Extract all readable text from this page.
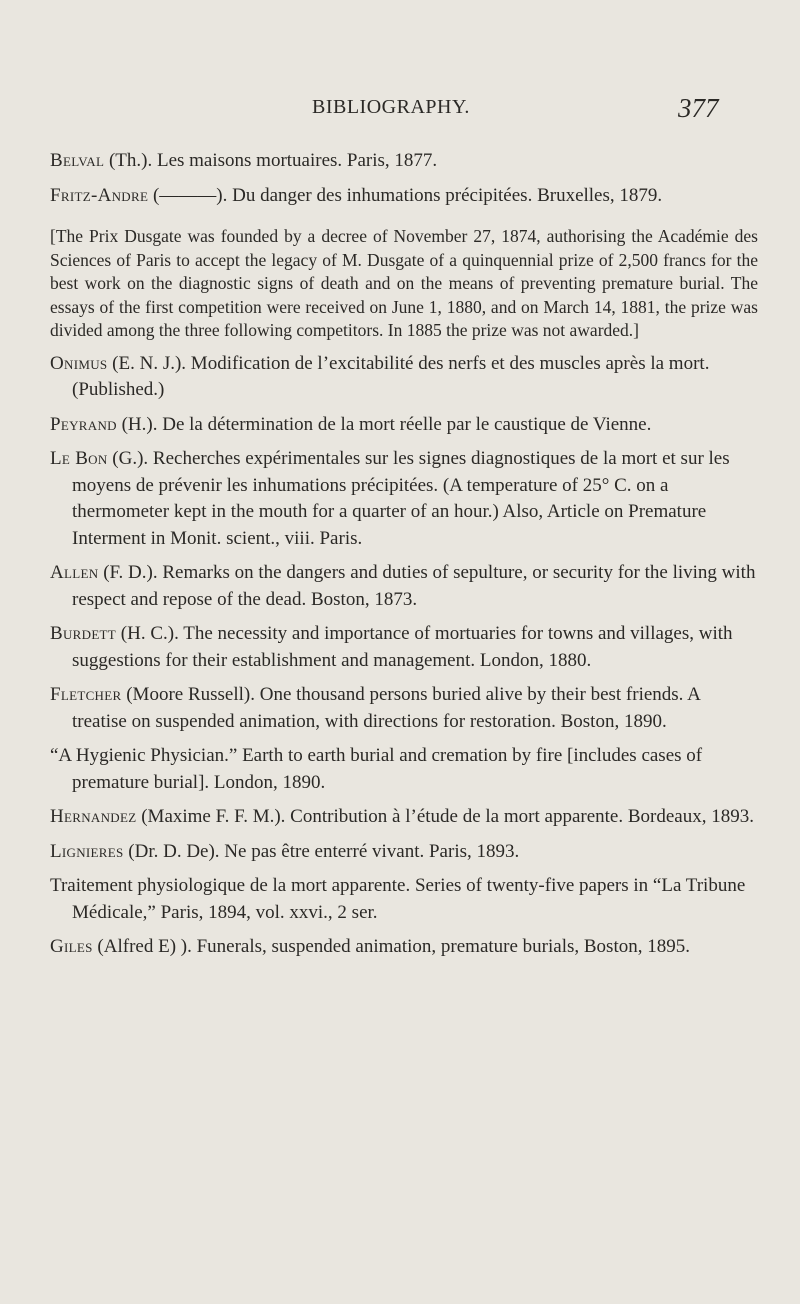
BIBLIOGRAPHY.	377

Belval (Th.). Les maisons mortuaires. Paris, 1877.

Fritz-Andre (———). Du danger des inhumations précipitées. Bruxelles, 1879.

[The Prix Dusgate was founded by a decree of November 27, 1874, authorising the Académie des Sciences of Paris to accept the legacy of M. Dusgate of a quinquennial prize of 2,500 francs for the best work on the diagnostic signs of death and on the means of preventing premature burial. The essays of the first competition were received on June 1, 1880, and on March 14, 1881, the prize was divided among the three following competitors. In 1885 the prize was not awarded.]

Onimus (E. N. J.). Modification de l’excitabilité des nerfs et des muscles après la mort. (Published.)

Peyrand (H.). De la détermination de la mort réelle par le caustique de Vienne.

Le Bon (G.). Recherches expérimentales sur les signes diagnostiques de la mort et sur les moyens de prévenir les inhumations précipitées. (A temperature of 25° C. on a thermometer kept in the mouth for a quarter of an hour.) Also, Article on Premature Interment in Monit. scient., viii. Paris.

Allen (F. D.). Remarks on the dangers and duties of sepulture, or security for the living with respect and repose of the dead. Boston, 1873.

Burdett (H. C.). The necessity and importance of mortuaries for towns and villages, with suggestions for their establishment and management. London, 1880.

Fletcher (Moore Russell). One thousand persons buried alive by their best friends. A treatise on suspended animation, with directions for restoration. Boston, 1890.

“A Hygienic Physician.” Earth to earth burial and cremation by fire [includes cases of premature burial]. London, 1890.

Hernandez (Maxime F. F. M.). Contribution à l’étude de la mort apparente. Bordeaux, 1893.

Lignieres (Dr. D. De). Ne pas être enterré vivant. Paris, 1893.

Traitement physiologique de la mort apparente. Series of twenty-five papers in “La Tribune Médicale,” Paris, 1894, vol. xxvi., 2 ser.

Giles (Alfred E) ). Funerals, suspended animation, premature burials, Boston, 1895.
